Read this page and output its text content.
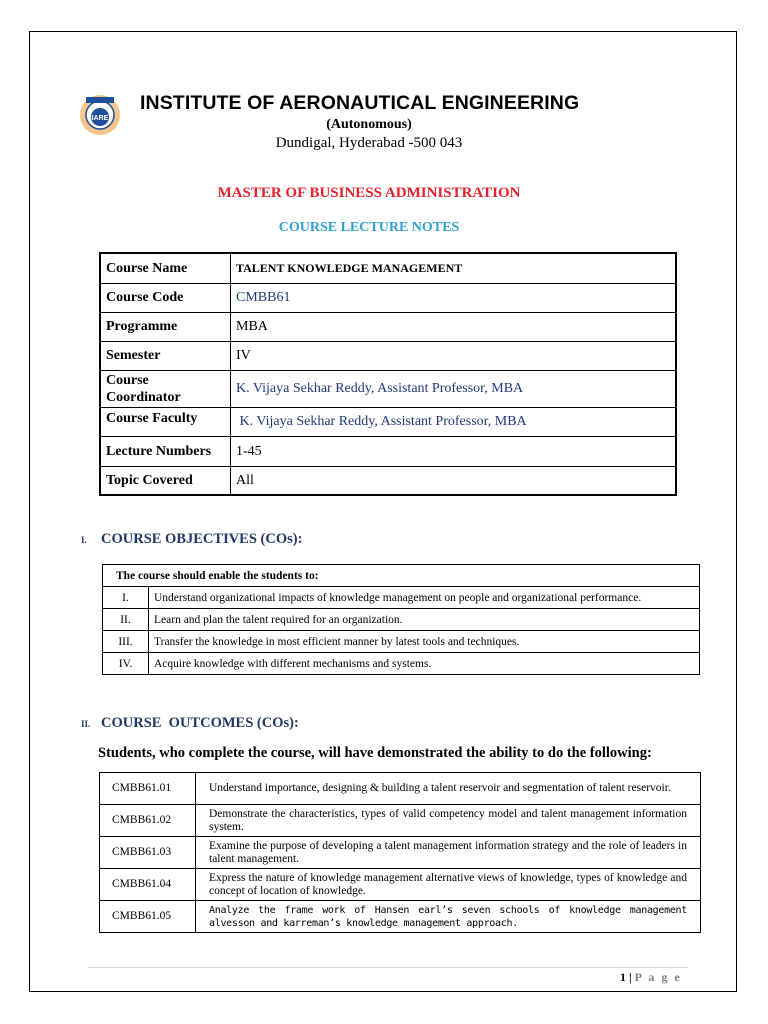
IARE
INSTITUTE OF AERONAUTICAL ENGINEERING
(Autonomous)
Dundigal, Hyderabad -500 043
MASTER OF BUSINESS ADMINISTRATION
COURSE LECTURE NOTES
Course Name	TALENT KNOWLEDGE MANAGEMENT
Course Code	CMBB61
Programme	MBA
Semester	IV
Course Coordinator	K. Vijaya Sekhar Reddy, Assistant Professor, MBA
Course Faculty	K. Vijaya Sekhar Reddy, Assistant Professor, MBA
Lecture Numbers	1-45
Topic Covered	All
I. COURSE OBJECTIVES (COs):
The course should enable the students to:	
I.	Understand organizational impacts of knowledge management on people and organizational performance.
II.	Learn and plan the talent required for an organization.
III.	Transfer the knowledge in most efficient manner by latest tools and techniques.
IV.	Acquire knowledge with different mechanisms and systems.
II. COURSE  OUTCOMES (COs):
Students, who complete the course, will have demonstrated the ability to do the following:
CMBB61.01	Understand importance, designing & building a talent reservoir and segmentation of talent reservoir.
CMBB61.02	Demonstrate the characteristics, types of valid competency model and talent management information system.
CMBB61.03	Examine the purpose of developing a talent management information strategy and the role of leaders in talent management.
CMBB61.04	Express the nature of knowledge management alternative views of knowledge, types of knowledge and concept of location of knowledge.
CMBB61.05	Analyze the frame work of Hansen earl’s seven schools of knowledge management alvesson and karreman’s knowledge management approach.
1 | P a g e
